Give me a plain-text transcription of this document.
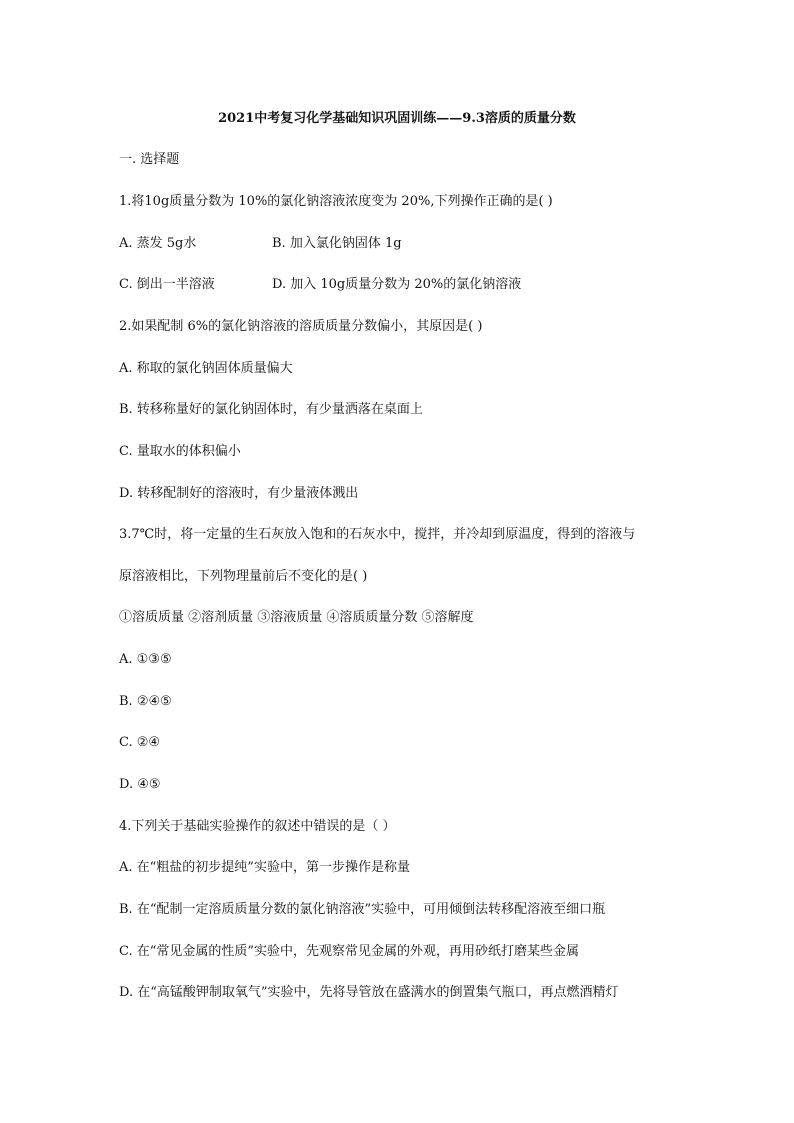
2021中考复习化学基础知识巩固训练——9.3溶质的质量分数
一. 选择题
1.将10g质量分数为 10%的氯化钠溶液浓度变为 20%,下列操作正确的是( )
A. 蒸发 5g水	B. 加入氯化钠固体 1g
C. 倒出一半溶液	D. 加入 10g质量分数为 20%的氯化钠溶液
2.如果配制 6%的氯化钠溶液的溶质质量分数偏小，其原因是( )
A. 称取的氯化钠固体质量偏大
B. 转移称量好的氯化钠固体时，有少量洒落在桌面上
C. 量取水的体积偏小
D. 转移配制好的溶液时，有少量液体溅出
3.7℃时，将一定量的生石灰放入饱和的石灰水中，搅拌，并冷却到原温度，得到的溶液与
原溶液相比，下列物理量前后不变化的是( )
①溶质质量 ②溶剂质量 ③溶液质量 ④溶质质量分数 ⑤溶解度
A. ①③⑤
B. ②④⑤
C. ②④
D. ④⑤
4.下列关于基础实验操作的叙述中错误的是（ ）
A. 在“粗盐的初步提纯”实验中，第一步操作是称量
B. 在“配制一定溶质质量分数的氯化钠溶液”实验中，可用倾倒法转移配溶液至细口瓶
C. 在“常见金属的性质”实验中，先观察常见金属的外观，再用砂纸打磨某些金属
D. 在“高锰酸钾制取氧气”实验中，先将导管放在盛满水的倒置集气瓶口，再点燃酒精灯
